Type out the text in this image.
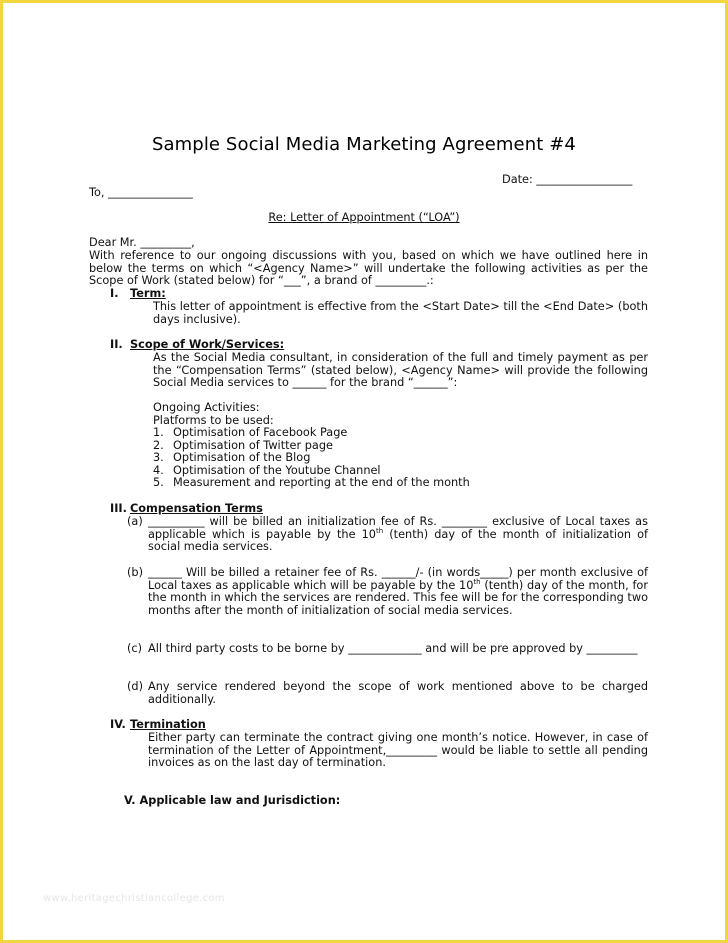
Sample Social Media Marketing Agreement #4
Date: _________________
To, _______________
Re: Letter of Appointment (“LOA”)
Dear Mr. _________,
With reference to our ongoing discussions with you, based on which we have outlined here in below the terms on which “<Agency Name>” will undertake the following activities as per the Scope of Work (stated below) for “___”, a brand of _________.:
I. Term:
This letter of appointment is effective from the <Start Date> till the <End Date> (both days inclusive).
II. Scope of Work/Services:
As the Social Media consultant, in consideration of the full and timely payment as per the “Compensation Terms” (stated below), <Agency Name> will provide the following Social Media services to ______ for the brand “______”:
Ongoing Activities:
Platforms to be used:
1. Optimisation of Facebook Page
2. Optimisation of Twitter page
3. Optimisation of the Blog
4. Optimisation of the Youtube Channel
5. Measurement and reporting at the end of the month
III. Compensation Terms
(a) __________ will be billed an initialization fee of Rs. ________ exclusive of Local taxes as applicable which is payable by the 10th (tenth) day of the month of initialization of social media services.
(b) ______ Will be billed a retainer fee of Rs. ______/- (in words_____) per month exclusive of Local taxes as applicable which will be payable by the 10th (tenth) day of the month, for the month in which the services are rendered. This fee will be for the corresponding two months after the month of initialization of social media services.
(c) All third party costs to be borne by _____________ and will be pre approved by _________
(d) Any service rendered beyond the scope of work mentioned above to be charged additionally.
IV. Termination
Either party can terminate the contract giving one month’s notice. However, in case of termination of the Letter of Appointment,_________ would be liable to settle all pending invoices as on the last day of termination.
V. Applicable law and Jurisdiction:
www.heritagechristiancollege.com
